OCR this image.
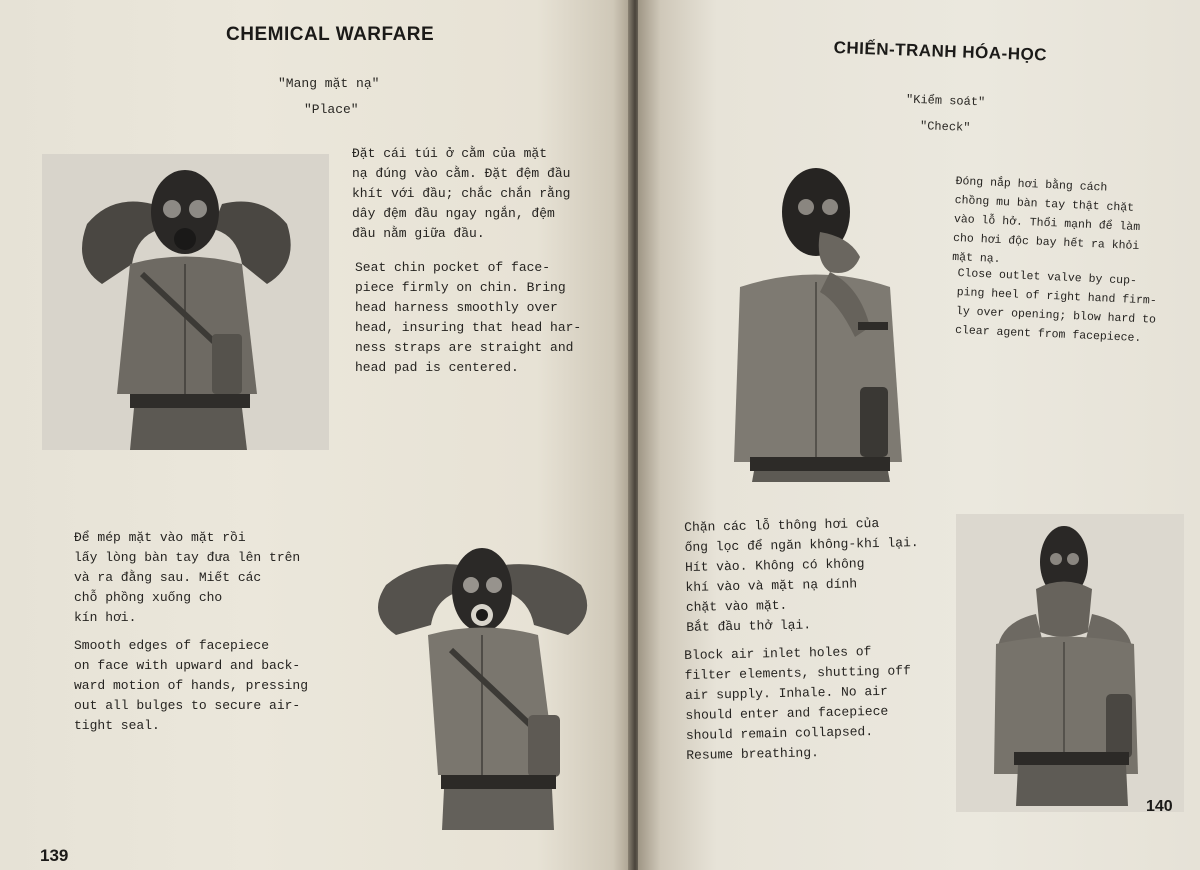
CHEMICAL WARFARE
"Mang mặt nạ"
"Place"

Đặt cái túi ở cằm của mặt
nạ đúng vào cằm. Đặt đệm đầu
khít với đầu; chắc chắn rằng
dây đệm đầu ngay ngắn, đệm
đầu nằm giữa đầu.

Seat chin pocket of face-
piece firmly on chin. Bring
head harness smoothly over
head, insuring that head har-
ness straps are straight and
head pad is centered.

Để mép mặt vào mặt rồi
lấy lòng bàn tay đưa lên trên
và ra đằng sau. Miết các
chỗ phồng xuống cho
kín hơi.

Smooth edges of facepiece
on face with upward and back-
ward motion of hands, pressing
out all bulges to secure air-
tight seal.

139
CHIẾN-TRANH HÓA-HỌC
"Kiểm soát"
"Check"

Đóng nắp hơi bằng cách
chồng mu bàn tay thật chặt
vào lỗ hở. Thổi mạnh để làm
cho hơi độc bay hết ra khỏi
mặt nạ.

Close outlet valve by cup-
ping heel of right hand firm-
ly over opening; blow hard to
clear agent from facepiece.

Chặn các lỗ thông hơi của
ống lọc để ngăn không-khí lại.
Hít vào. Không có không
khí vào và mặt nạ dính
chặt vào mặt.
Bắt đầu thở lại.

Block air inlet holes of
filter elements, shutting off
air supply. Inhale. No air
should enter and facepiece
should remain collapsed.
Resume breathing.

140
